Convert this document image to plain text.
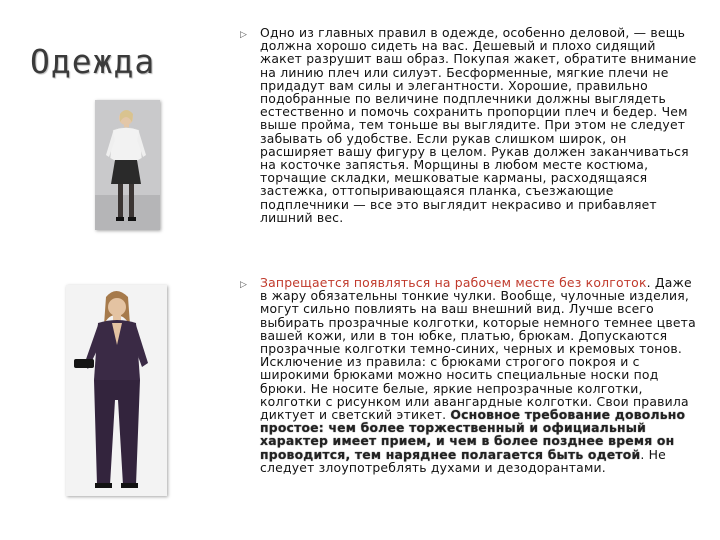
Одежда
▷ Одно из главных правил в одежде, особенно деловой, — вещь должна хорошо сидеть на вас. Дешевый и плохо сидящий жакет разрушит ваш образ. Покупая жакет, обратите внимание на линию плеч или силуэт. Бесформенные, мягкие плечи не придадут вам силы и элегантности. Хорошие, правильно подобранные по величине подплечники должны выглядеть естественно и помочь сохранить пропорции плеч и бедер. Чем выше пройма, тем тоньше вы выглядите. При этом не следует забывать об удобстве. Если рукав слишком широк, он расширяет вашу фигуру в целом. Рукав должен заканчиваться на косточке запястья. Морщины в любом месте костюма, торчащие складки, мешковатые карманы, расходящаяся застежка, оттопыривающаяся планка, съезжающие подплечники — все это выглядит некрасиво и прибавляет лишний вес.

▷ Запрещается появляться на рабочем месте без колготок. Даже в жару обязательны тонкие чулки. Вообще, чулочные изделия, могут сильно повлиять на ваш внешний вид. Лучше всего выбирать прозрачные колготки, которые немного темнее цвета вашей кожи, или в тон юбке, платью, брюкам. Допускаются прозрачные колготки темно-синих, черных и кремовых тонов. Исключение из правила: с брюками строгого покроя и с широкими брюками можно носить специальные носки под брюки. Не носите белые, яркие непрозрачные колготки, колготки с рисунком или авангардные колготки. Свои правила диктует и светский этикет. Основное требование довольно простое: чем более торжественный и официальный характер имеет прием, и чем в более позднее время он проводится, тем наряднее полагается быть одетой. Не следует злоупотреблять духами и дезодорантами.
